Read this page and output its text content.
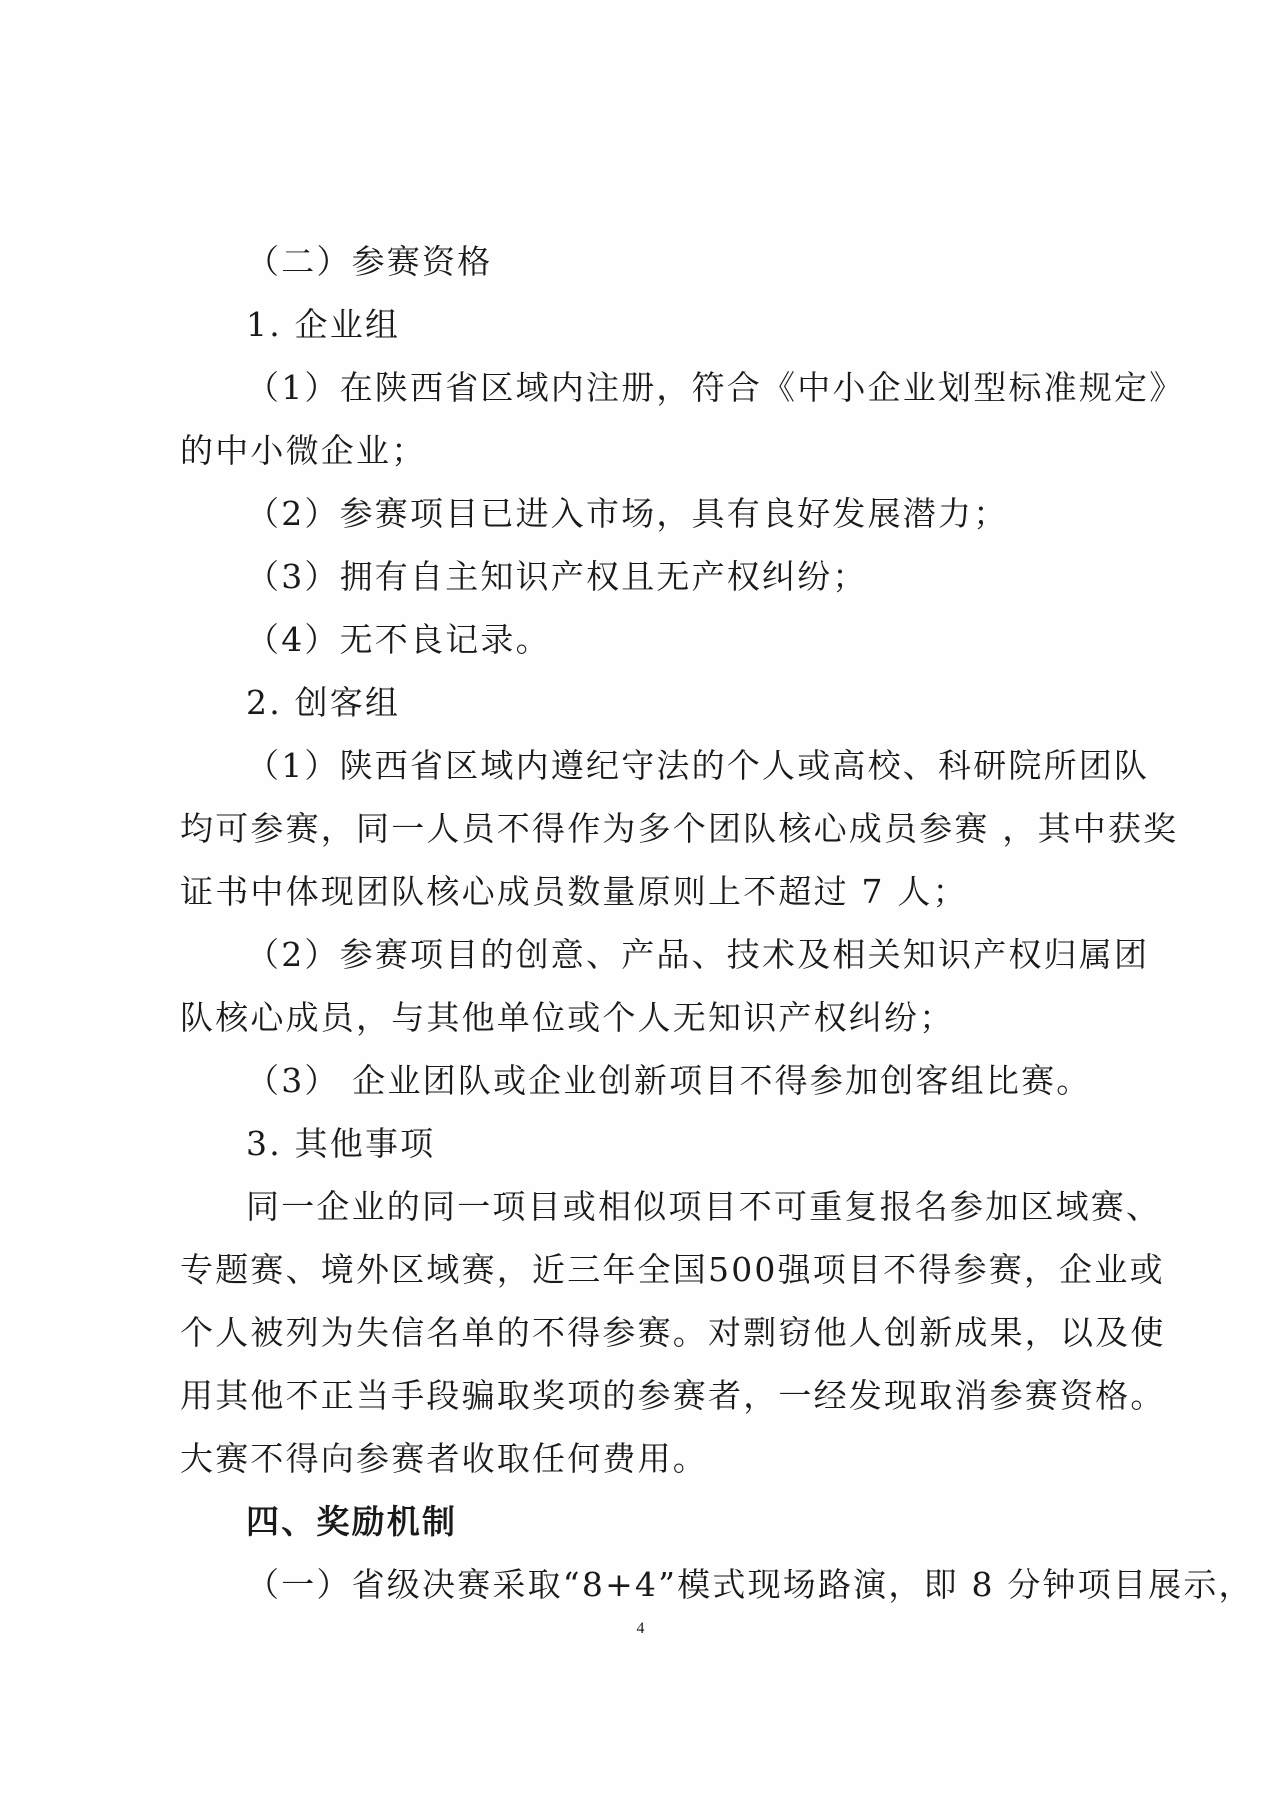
（二）参赛资格
1. 企业组
（1）在陕西省区域内注册，符合《中小企业划型标准规定》
的中小微企业；
（2）参赛项目已进入市场，具有良好发展潜力；
（3）拥有自主知识产权且无产权纠纷；
（4）无不良记录。
2. 创客组
（1）陕西省区域内遵纪守法的个人或高校、科研院所团队
均可参赛，同一人员不得作为多个团队核心成员参赛 ，其中获奖
证书中体现团队核心成员数量原则上不超过 7 人；
（2）参赛项目的创意、产品、技术及相关知识产权归属团
队核心成员，与其他单位或个人无知识产权纠纷；
（3） 企业团队或企业创新项目不得参加创客组比赛。
3. 其他事项
同一企业的同一项目或相似项目不可重复报名参加区域赛、
专题赛、境外区域赛，近三年全国500强项目不得参赛，企业或
个人被列为失信名单的不得参赛。对剽窃他人创新成果，以及使
用其他不正当手段骗取奖项的参赛者，一经发现取消参赛资格。
大赛不得向参赛者收取任何费用。
四、奖励机制
（一）省级决赛采取“8+4”模式现场路演，即 8 分钟项目展示，
4
